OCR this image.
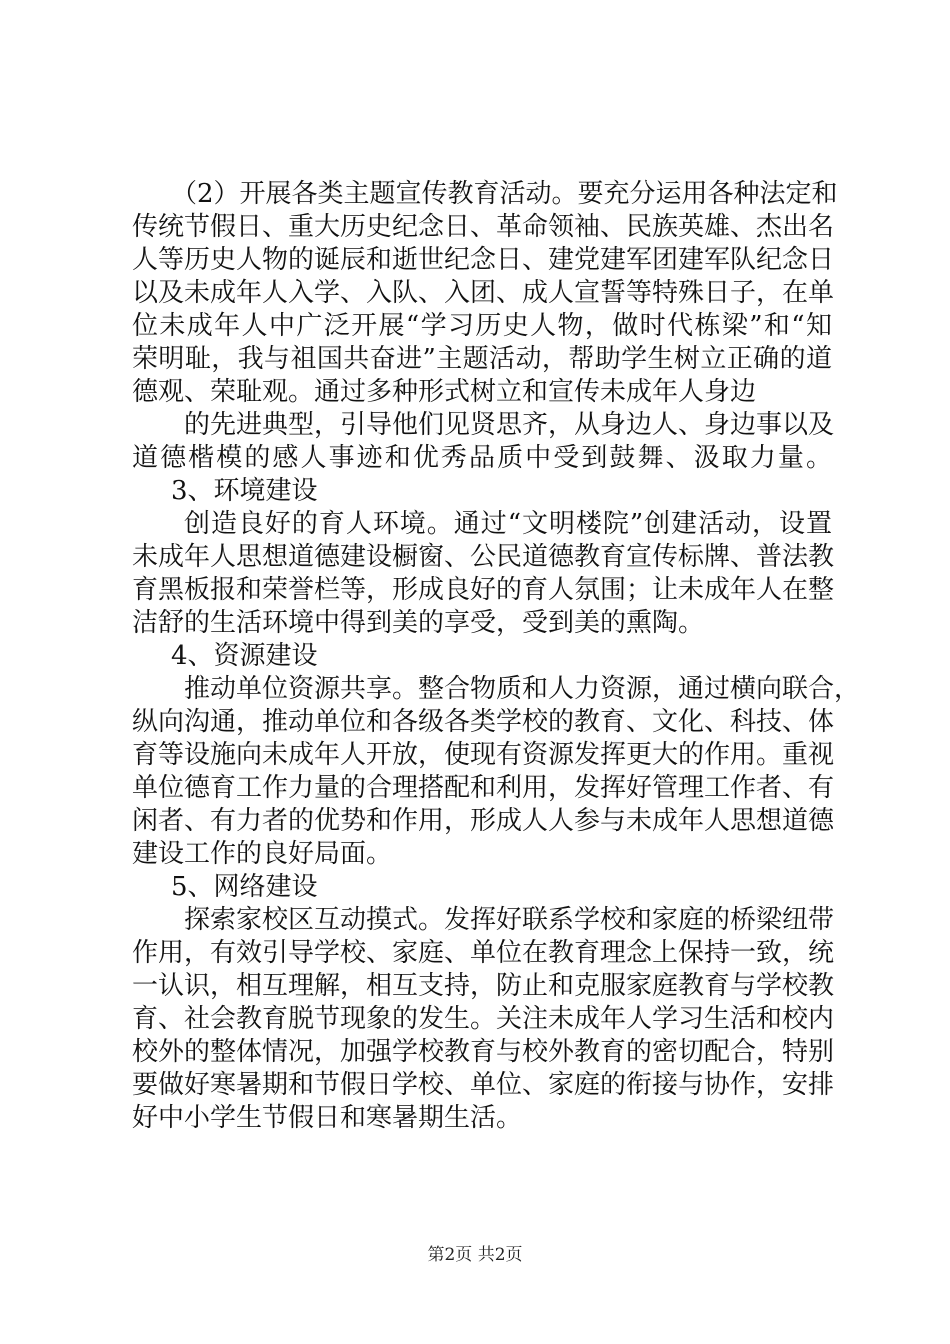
（2）开展各类主题宣传教育活动。要充分运用各种法定和
传统节假日、重大历史纪念日、革命领袖、民族英雄、杰出名
人等历史人物的诞辰和逝世纪念日、建党建军团建军队纪念日
以及未成年人入学、入队、入团、成人宣誓等特殊日子，在单
位未成年人中广泛开展“学习历史人物，做时代栋梁”和“知
荣明耻，我与祖国共奋进”主题活动，帮助学生树立正确的道
德观、荣耻观。通过多种形式树立和宣传未成年人身边
的先进典型，引导他们见贤思齐，从身边人、身边事以及
道德楷模的感人事迹和优秀品质中受到鼓舞、汲取力量。
3、环境建设
创造良好的育人环境。通过“文明楼院”创建活动，设置
未成年人思想道德建设橱窗、公民道德教育宣传标牌、普法教
育黑板报和荣誉栏等，形成良好的育人氛围；让未成年人在整
洁舒的生活环境中得到美的享受，受到美的熏陶。
4、资源建设
推动单位资源共享。整合物质和人力资源，通过横向联合，
纵向沟通，推动单位和各级各类学校的教育、文化、科技、体
育等设施向未成年人开放，使现有资源发挥更大的作用。重视
单位德育工作力量的合理搭配和利用，发挥好管理工作者、有
闲者、有力者的优势和作用，形成人人参与未成年人思想道德
建设工作的良好局面。
5、网络建设
探索家校区互动摸式。发挥好联系学校和家庭的桥梁纽带
作用，有效引导学校、家庭、单位在教育理念上保持一致，统
一认识，相互理解，相互支持，防止和克服家庭教育与学校教
育、社会教育脱节现象的发生。关注未成年人学习生活和校内
校外的整体情况，加强学校教育与校外教育的密切配合，特别
要做好寒暑期和节假日学校、单位、家庭的衔接与协作，安排
好中小学生节假日和寒暑期生活。
第2页 共2页
